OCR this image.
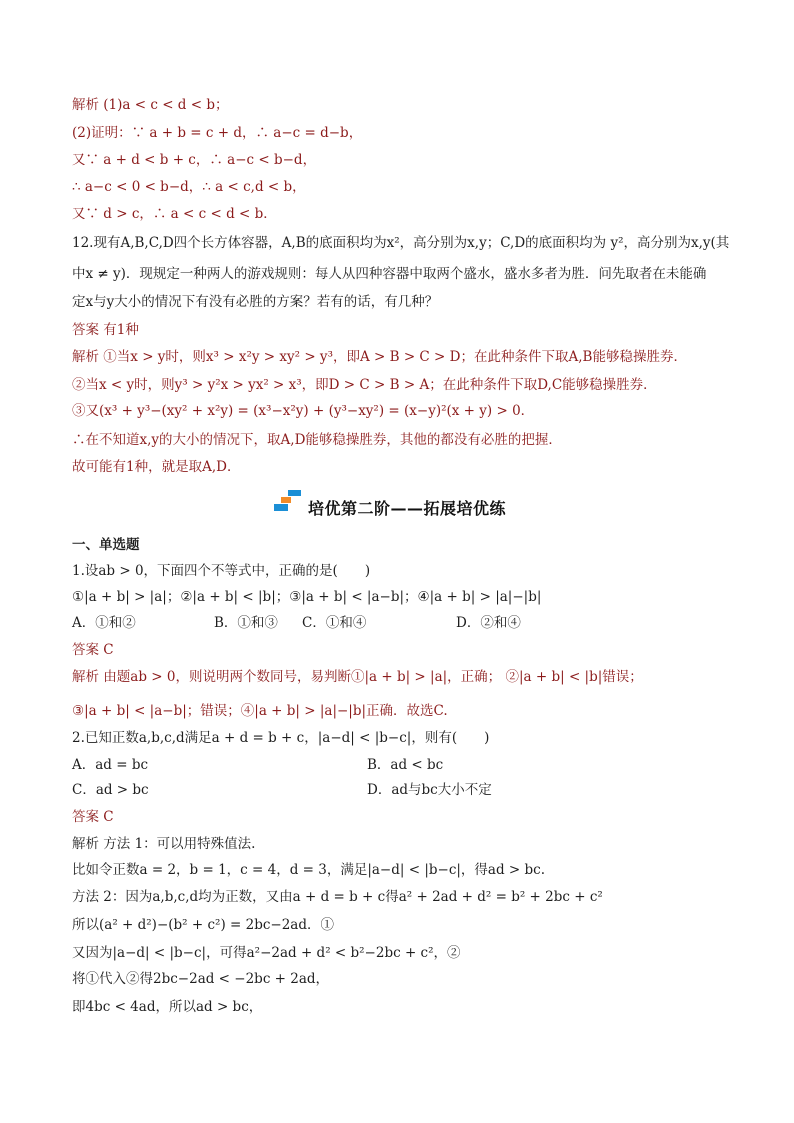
解析 (1)a < c < d < b；
(2)证明：∵ a + b = c + d，∴ a−c = d−b，
又∵ a + d < b + c，∴ a−c < b−d，
∴ a−c < 0 < b−d，∴ a < c,d < b，
又∵ d > c，∴ a < c < d < b．
12.现有A,B,C,D四个长方体容器，A,B的底面积均为x²，高分别为x,y；C,D的底面积均为 y²，高分别为x,y(其
中x ≠ y)．现规定一种两人的游戏规则：每人从四种容器中取两个盛水，盛水多者为胜．问先取者在未能确
定x与y大小的情况下有没有必胜的方案？若有的话，有几种？
答案 有1种
解析 ①当x > y时，则x³ > x²y > xy² > y³，即A > B > C > D；在此种条件下取A,B能够稳操胜券．
②当x < y时，则y³ > y²x > yx² > x³，即D > C > B > A；在此种条件下取D,C能够稳操胜券．
③又(x³ + y³−(xy² + x²y) = (x³−x²y) + (y³−xy²) = (x−y)²(x + y) > 0．
∴在不知道x,y的大小的情况下，取A,D能够稳操胜券，其他的都没有必胜的把握．
故可能有1种，就是取A,D．
培优第二阶——拓展培优练
一、单选题
1.设ab > 0，下面四个不等式中，正确的是(　　)
①|a + b| > |a|；②|a + b| < |b|；③|a + b| < |a−b|；④|a + b| > |a|−|b|
A．①和②	B．①和③ C．①和④	D．②和④
答案 C
解析 由题ab > 0，则说明两个数同号，易判断①|a + b| > |a|，正确； ②|a + b| < |b|错误；
③|a + b| < |a−b|；错误；④|a + b| > |a|−|b|正确．故选C.
2.已知正数a,b,c,d满足a + d = b + c，|a−d| < |b−c|，则有(　　)
A．ad = bc	B．ad < bc
C．ad > bc	D．ad与bc大小不定
答案 C
解析 方法 1：可以用特殊值法.
比如令正数a = 2，b = 1，c = 4，d = 3，满足|a−d| < |b−c|，得ad > bc.
方法 2：因为a,b,c,d均为正数，又由a + d = b + c得a² + 2ad + d² = b² + 2bc + c²
所以(a² + d²)−(b² + c²) = 2bc−2ad．①
又因为|a−d| < |b−c|，可得a²−2ad + d² < b²−2bc + c²，②
将①代入②得2bc−2ad < −2bc + 2ad，
即4bc < 4ad，所以ad > bc，
